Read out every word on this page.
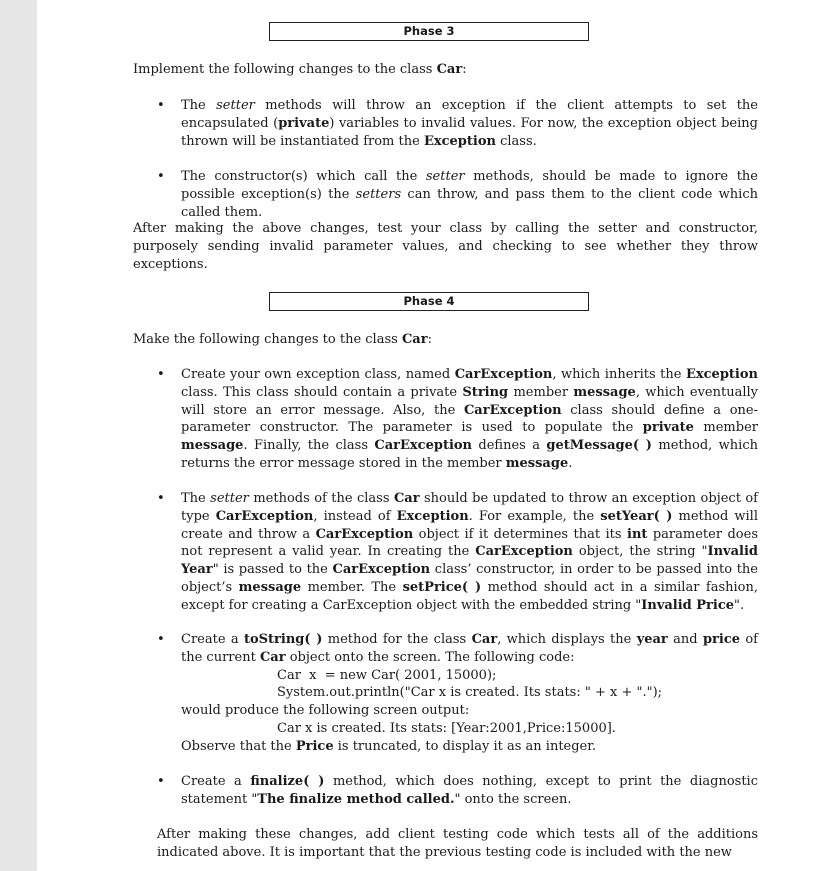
Phase 3
Implement the following changes to the class Car:
• The setter methods will throw an exception if the client attempts to set the encapsulated (private) variables to invalid values. For now, the exception object being thrown will be instantiated from the Exception class.
• The constructor(s) which call the setter methods, should be made to ignore the possible exception(s) the setters can throw, and pass them to the client code which called them.
After making the above changes, test your class by calling the setter and constructor, purposely sending invalid parameter values, and checking to see whether they throw exceptions.
Phase 4
Make the following changes to the class Car:
• Create your own exception class, named CarException, which inherits the Exception class. This class should contain a private String member message, which eventually will store an error message. Also, the CarException class should define a one-parameter constructor. The parameter is used to populate the private member message. Finally, the class CarException defines a getMessage( ) method, which returns the error message stored in the member message.
• The setter methods of the class Car should be updated to throw an exception object of type CarException, instead of Exception. For example, the setYear( ) method will create and throw a CarException object if it determines that its int parameter does not represent a valid year. In creating the CarException object, the string "Invalid Year" is passed to the CarException class’ constructor, in order to be passed into the object’s message member. The setPrice( ) method should act in a similar fashion, except for creating a CarException object with the embedded string "Invalid Price".
• Create a toString( ) method for the class Car, which displays the year and price of the current Car object onto the screen. The following code:
Car  x  = new Car( 2001, 15000);
System.out.println("Car x is created. Its stats: " + x + ".");
would produce the following screen output:
Car x is created. Its stats: [Year:2001,Price:15000].
Observe that the Price is truncated, to display it as an integer.
• Create a finalize( ) method, which does nothing, except to print the diagnostic statement "The finalize method called." onto the screen.
After making these changes, add client testing code which tests all of the additions indicated above. It is important that the previous testing code is included with the new
